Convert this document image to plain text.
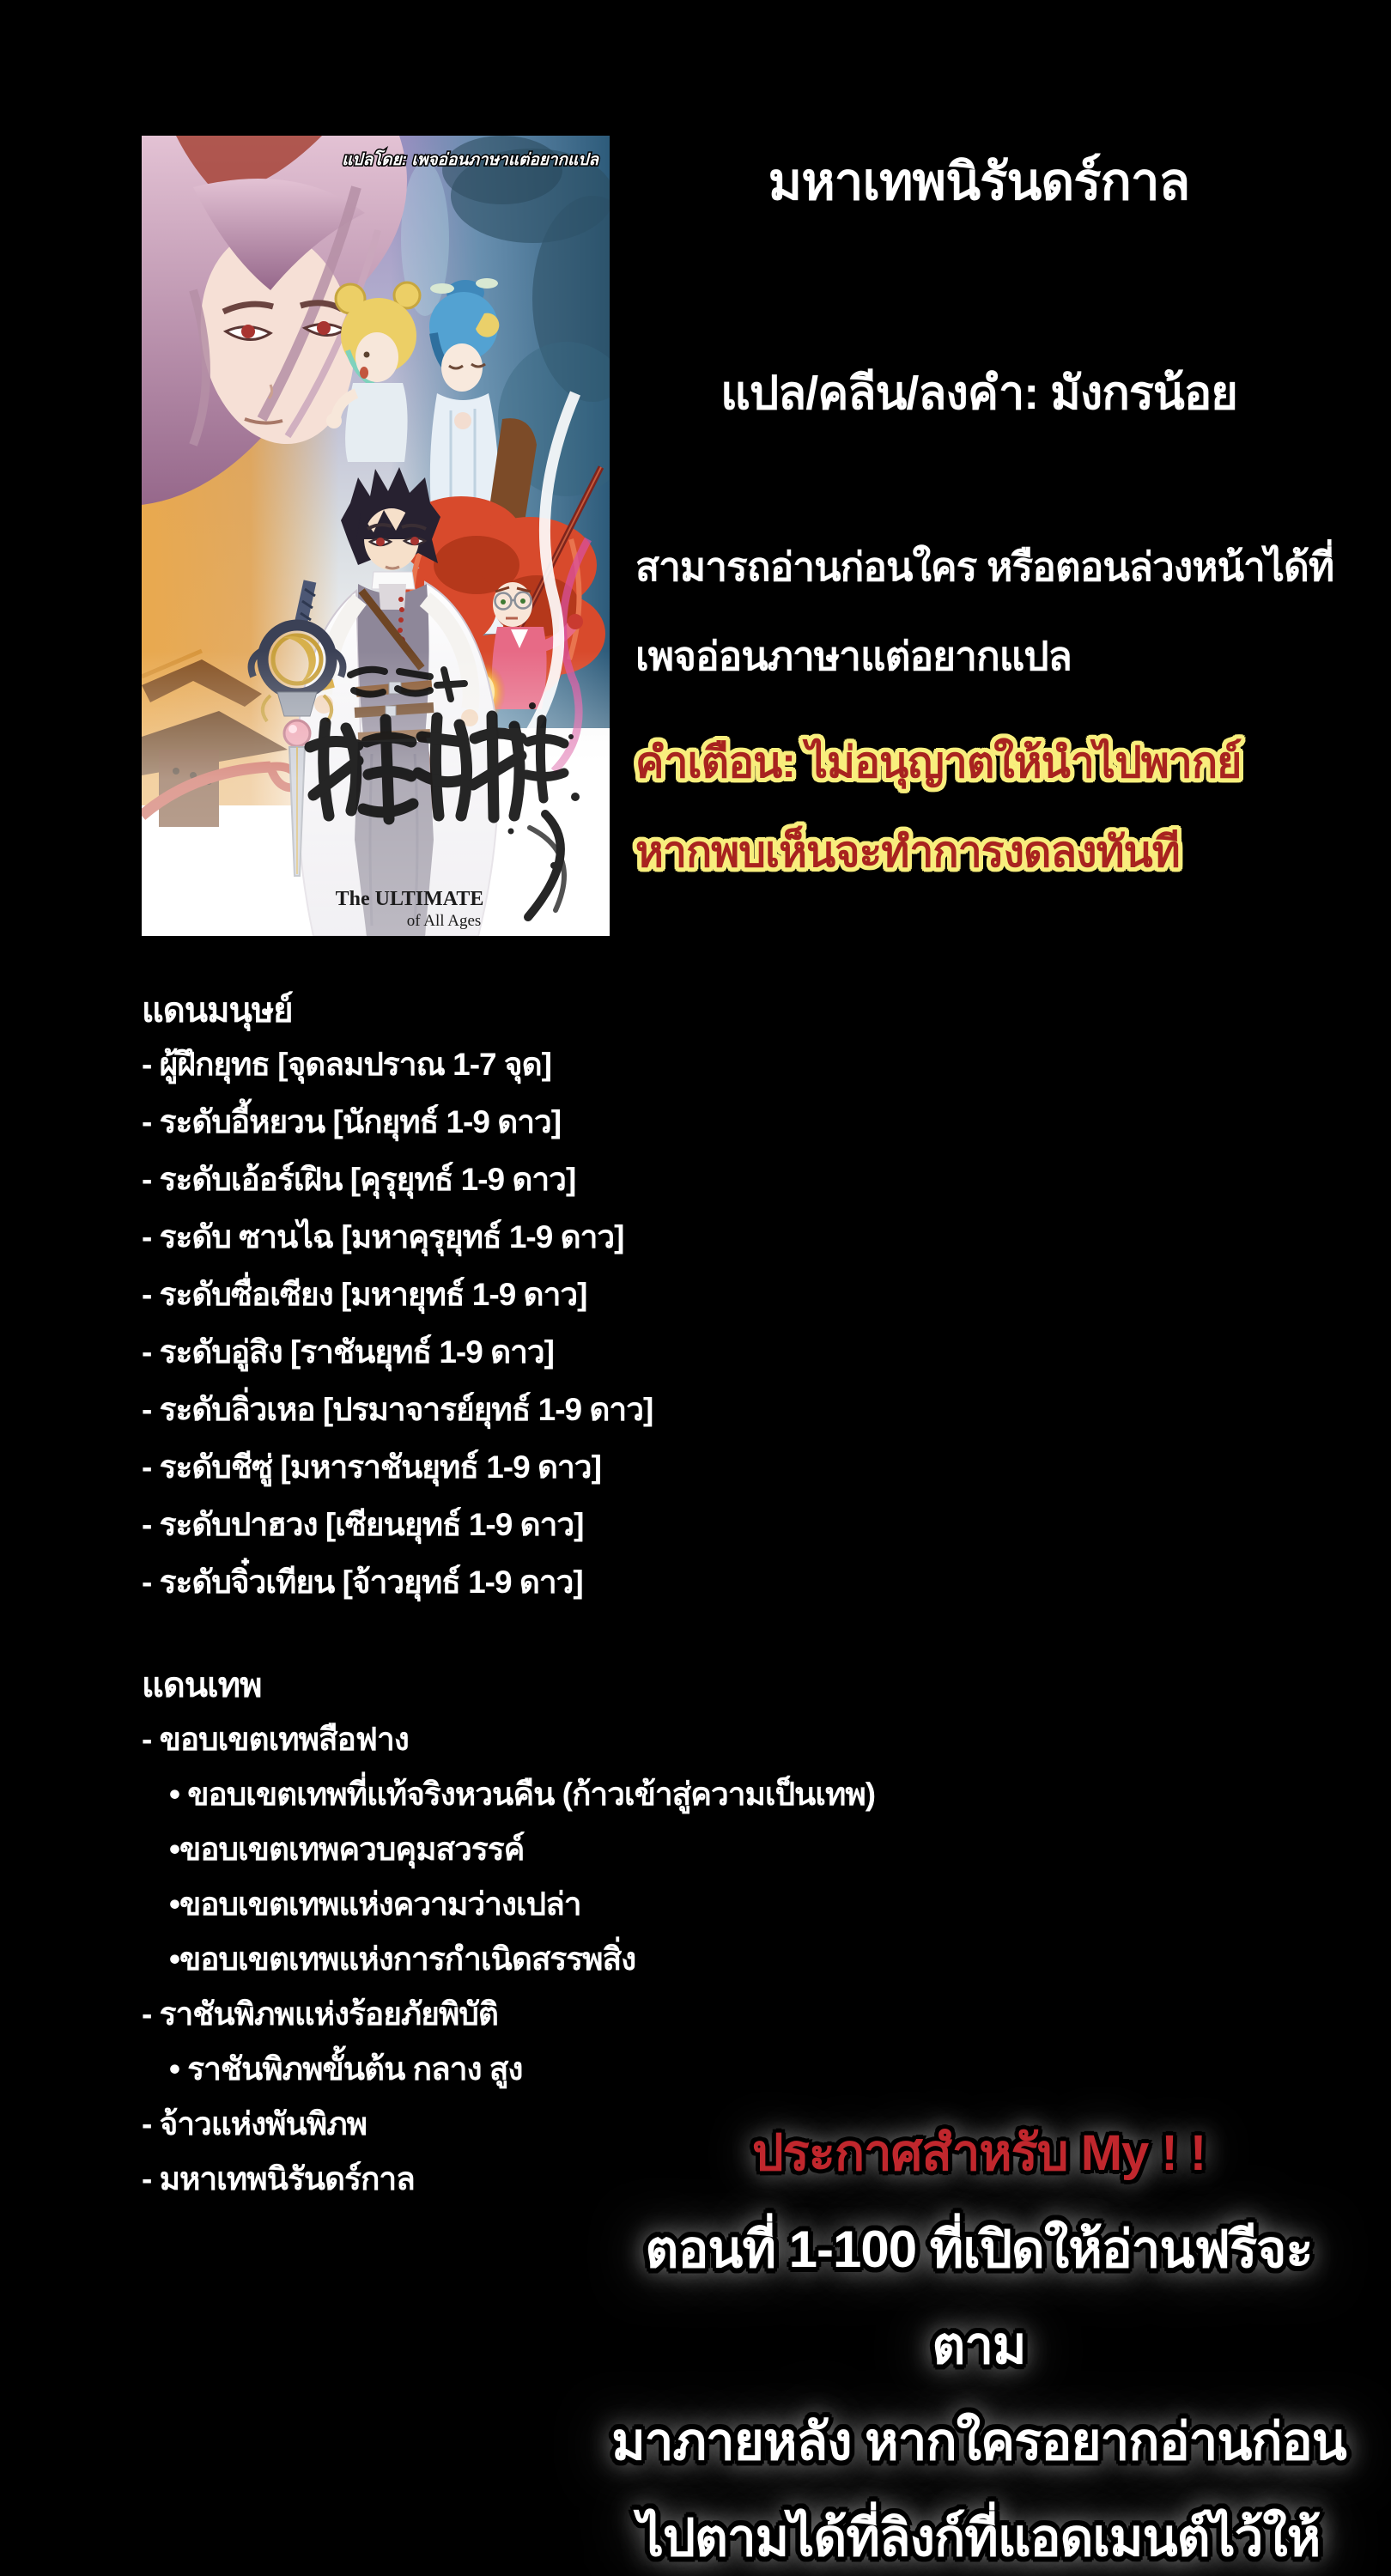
The ULTIMATE
of All Ages
แปลโดย: เพจอ่อนภาษาแต่อยากแปล	มหาเทพนิรันดร์กาล
แปล/คลีน/ลงคำ: มังกรน้อย
สามารถอ่านก่อนใคร หรือตอนล่วงหน้าได้ที่
เพจอ่อนภาษาแต่อยากแปล
คำเตือน: ไม่อนุญาตให้นำไปพากย์
หากพบเห็นจะทำการงดลงทันที
แดนมนุษย์
- ผู้ฝึกยุทธ [จุดลมปราณ 1-7 จุด]
- ระดับอี้หยวน [นักยุทธ์ 1-9 ดาว]
- ระดับเอ้อร์เฝิน [คุรุยุทธ์ 1-9 ดาว]
- ระดับ ซานไฉ [มหาคุรุยุทธ์ 1-9 ดาว]
- ระดับซื่อเซียง [มหายุทธ์ 1-9 ดาว]
- ระดับอู่สิง [ราชันยุทธ์ 1-9 ดาว]
- ระดับลิ่วเหอ [ปรมาจารย์ยุทธ์ 1-9 ดาว]
- ระดับชีซู่ [มหาราชันยุทธ์ 1-9 ดาว]
- ระดับปาฮวง [เซียนยุทธ์ 1-9 ดาว]
- ระดับจิ๋วเทียน [จ้าวยุทธ์ 1-9 ดาว]
แดนเทพ
- ขอบเขตเทพสือฟาง
• ขอบเขตเทพที่แท้จริงหวนคืน (ก้าวเข้าสู่ความเป็นเทพ)
•ขอบเขตเทพควบคุมสวรรค์
•ขอบเขตเทพแห่งความว่างเปล่า
•ขอบเขตเทพแห่งการกำเนิดสรรพสิ่ง
- ราชันพิภพแห่งร้อยภัยพิบัติ
• ราชันพิภพขั้นต้น กลาง สูง
- จ้าวแห่งพันพิภพ
- มหาเทพนิรันดร์กาล	ประกาศสำหรับ My ! !
ตอนที่ 1-100 ที่เปิดให้อ่านฟรีจะตาม
มาภายหลัง หากใครอยากอ่านก่อน
ไปตามได้ที่ลิงก์ที่แอดเมนต์ไว้ให้
